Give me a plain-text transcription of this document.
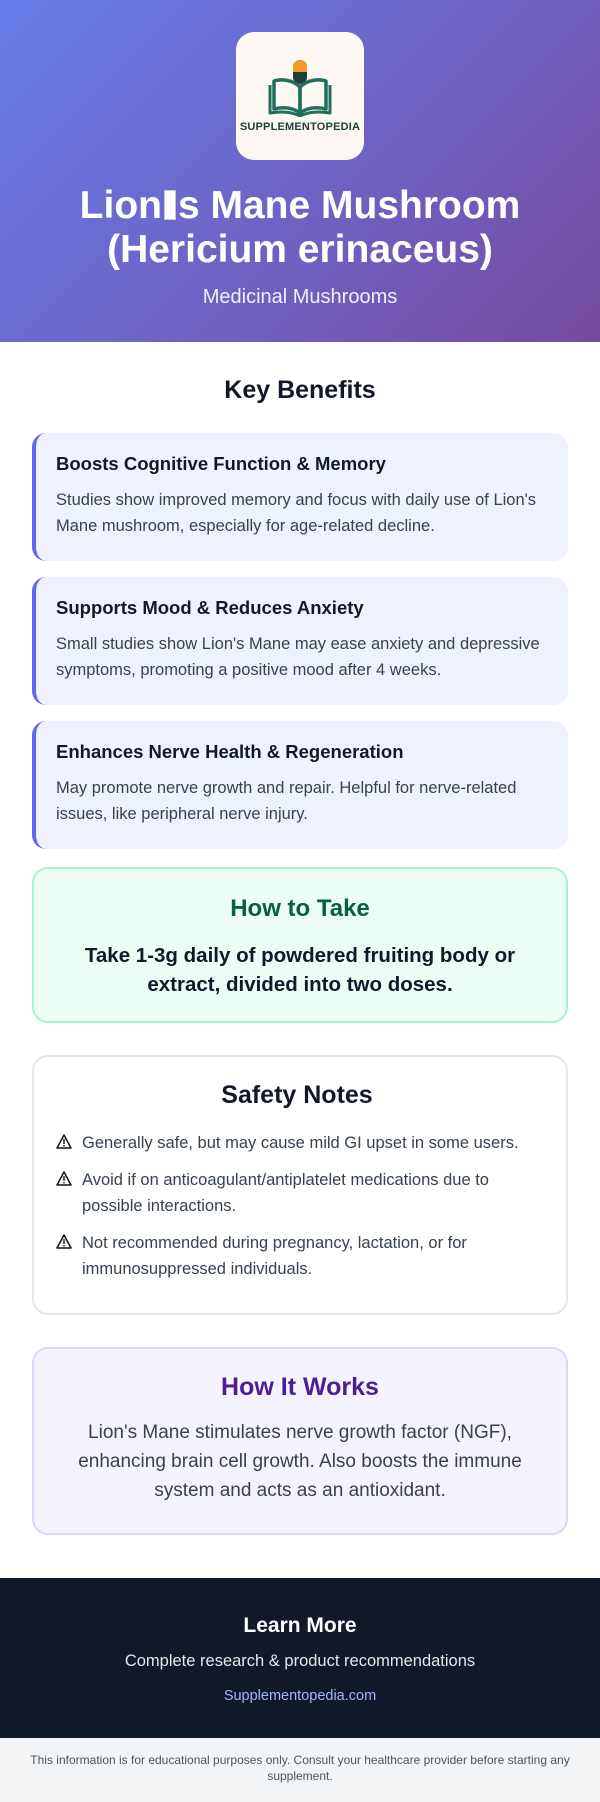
SUPPLEMENTOPEDIA
Lion s Mane Mushroom
(Hericium erinaceus)
Medicinal Mushrooms
Key Benefits
Boosts Cognitive Function & Memory

Studies show improved memory and focus with daily use of Lion's Mane mushroom, especially for age-related decline.

Supports Mood & Reduces Anxiety

Small studies show Lion's Mane may ease anxiety and depressive symptoms, promoting a positive mood after 4 weeks.

Enhances Nerve Health & Regeneration

May promote nerve growth and repair. Helpful for nerve-related issues, like peripheral nerve injury.

How to Take

Take 1-3g daily of powdered fruiting body or extract, divided into two doses.

Safety Notes

Generally safe, but may cause mild GI upset in some users.

Avoid if on anticoagulant/antiplatelet medications due to possible interactions.

Not recommended during pregnancy, lactation, or for immunosuppressed individuals.

How It Works

Lion's Mane stimulates nerve growth factor (NGF), enhancing brain cell growth. Also boosts the immune system and acts as an antioxidant.

Learn More
Complete research & product recommendations
Supplementopedia.com
This information is for educational purposes only. Consult your healthcare provider before starting any supplement.
